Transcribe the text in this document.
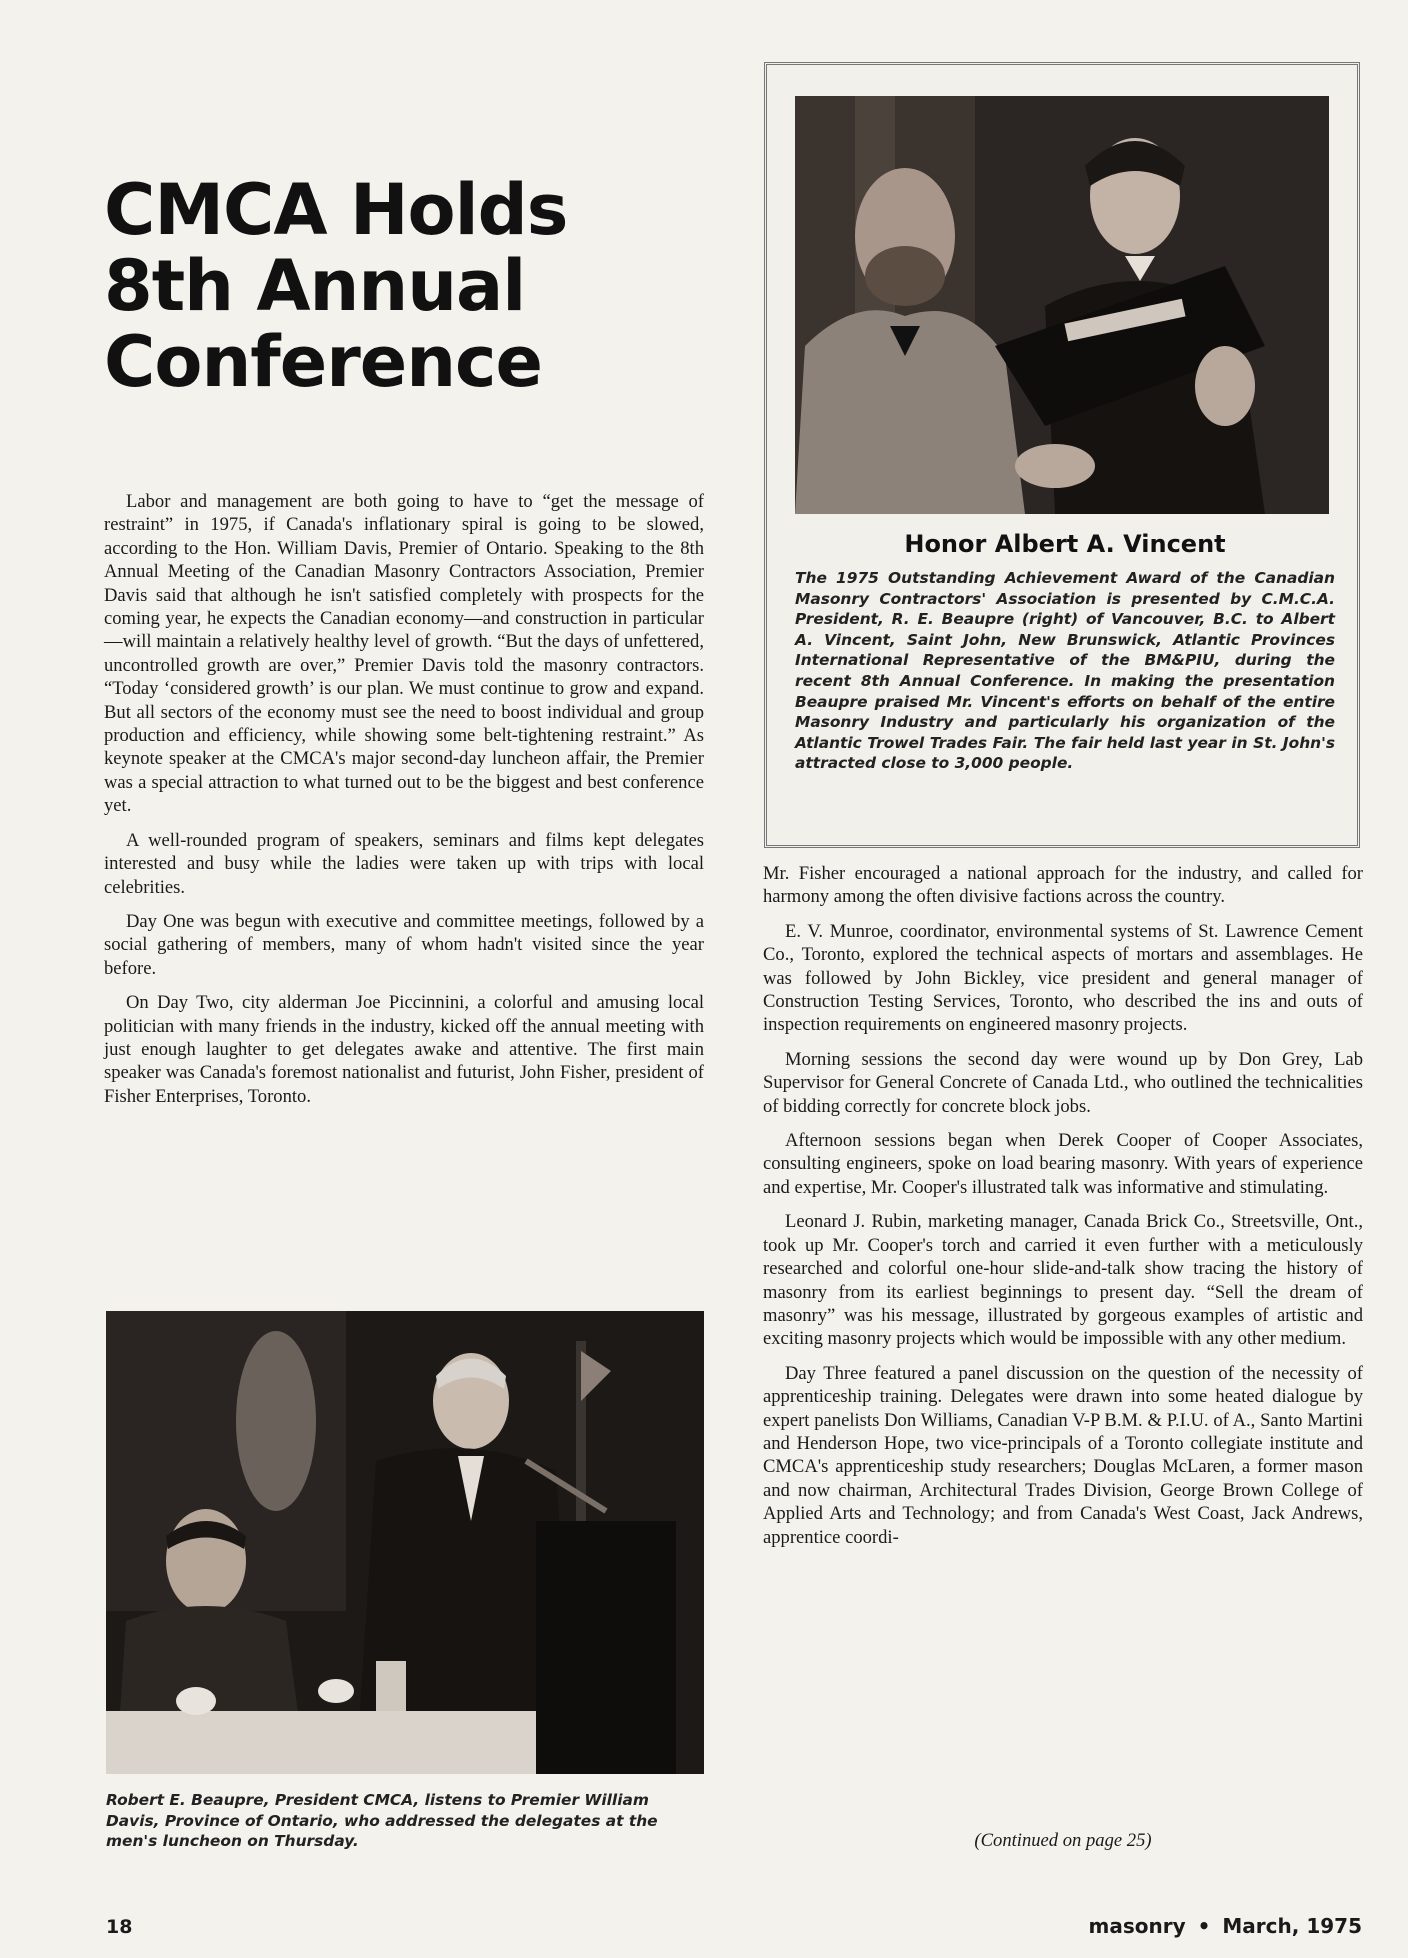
CMCA Holds
8th Annual
Conference

Labor and management are both going to have to “get the message of restraint” in 1975, if Canada's inflationary spiral is going to be slowed, according to the Hon. William Davis, Premier of Ontario. Speaking to the 8th Annual Meeting of the Canadian Masonry Contractors Association, Premier Davis said that although he isn't satisfied completely with prospects for the coming year, he expects the Canadian economy—and construction in particular—will maintain a relatively healthy level of growth. “But the days of unfettered, uncontrolled growth are over,” Premier Davis told the masonry contractors. “Today ‘considered growth’ is our plan. We must continue to grow and expand. But all sectors of the economy must see the need to boost individual and group production and efficiency, while showing some belt-tightening restraint.” As keynote speaker at the CMCA's major second-day luncheon affair, the Premier was a special attraction to what turned out to be the biggest and best conference yet.

A well-rounded program of speakers, seminars and films kept delegates interested and busy while the ladies were taken up with trips with local celebrities.

Day One was begun with executive and committee meetings, followed by a social gathering of members, many of whom hadn't visited since the year before.

On Day Two, city alderman Joe Piccinnini, a colorful and amusing local politician with many friends in the industry, kicked off the annual meeting with just enough laughter to get delegates awake and attentive. The first main speaker was Canada's foremost nationalist and futurist, John Fisher, president of Fisher Enterprises, Toronto.

Honor Albert A. Vincent
The 1975 Outstanding Achievement Award of the Canadian Masonry Contractors' Association is presented by C.M.C.A. President, R. E. Beaupre (right) of Vancouver, B.C. to Albert A. Vincent, Saint John, New Brunswick, Atlantic Provinces International Representative of the BM&PIU, during the recent 8th Annual Conference. In making the presentation Beaupre praised Mr. Vincent's efforts on behalf of the entire Masonry Industry and particularly his organization of the Atlantic Trowel Trades Fair. The fair held last year in St. John's attracted close to 3,000 people.

Mr. Fisher encouraged a national approach for the industry, and called for harmony among the often divisive factions across the country.

E. V. Munroe, coordinator, environmental systems of St. Lawrence Cement Co., Toronto, explored the technical aspects of mortars and assemblages. He was followed by John Bickley, vice president and general manager of Construction Testing Services, Toronto, who described the ins and outs of inspection requirements on engineered masonry projects.

Morning sessions the second day were wound up by Don Grey, Lab Supervisor for General Concrete of Canada Ltd., who outlined the technicalities of bidding correctly for concrete block jobs.

Afternoon sessions began when Derek Cooper of Cooper Associates, consulting engineers, spoke on load bearing masonry. With years of experience and expertise, Mr. Cooper's illustrated talk was informative and stimulating.

Leonard J. Rubin, marketing manager, Canada Brick Co., Streetsville, Ont., took up Mr. Cooper's torch and carried it even further with a meticulously researched and colorful one-hour slide-and-talk show tracing the history of masonry from its earliest beginnings to present day. “Sell the dream of masonry” was his message, illustrated by gorgeous examples of artistic and exciting masonry projects which would be impossible with any other medium.

Day Three featured a panel discussion on the question of the necessity of apprenticeship training. Delegates were drawn into some heated dialogue by expert panelists Don Williams, Canadian V-P B.M. & P.I.U. of A., Santo Martini and Henderson Hope, two vice-principals of a Toronto collegiate institute and CMCA's apprenticeship study researchers; Douglas McLaren, a former mason and now chairman, Architectural Trades Division, George Brown College of Applied Arts and Technology; and from Canada's West Coast, Jack Andrews, apprentice coordi-

(Continued on page 25)
Robert E. Beaupre, President CMCA, listens to Premier William Davis, Province of Ontario, who addressed the delegates at the men's luncheon on Thursday.
18	masonry • March, 1975
